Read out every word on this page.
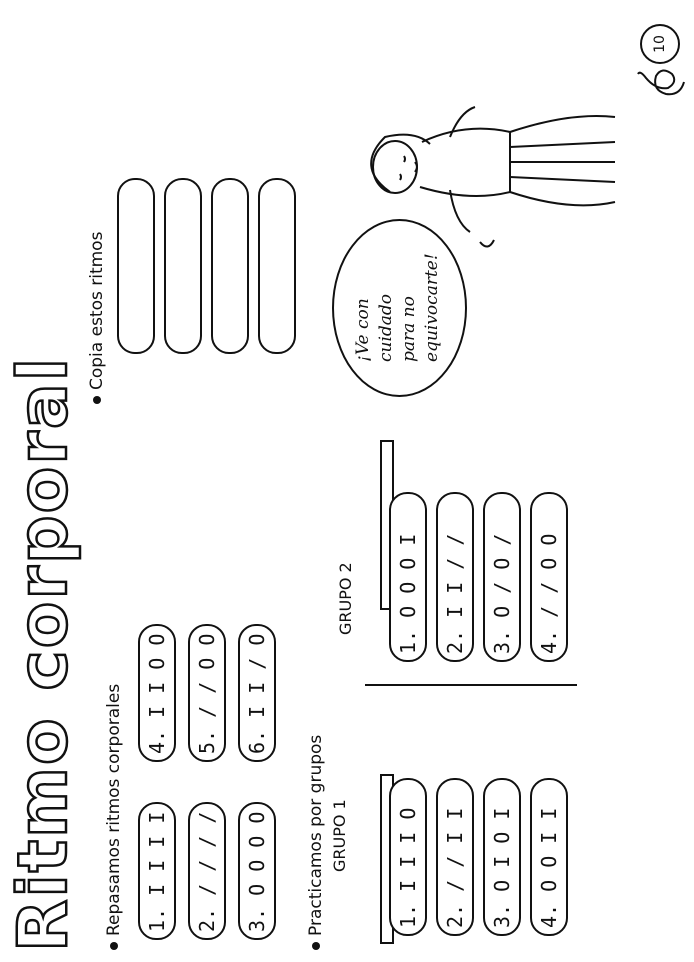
Ritmo corporal Repasamos ritmos corporales	1. I I I I	2. / / / /	3. O O O O
4. I I O O	5. / / O O	6. I I / O
Practicamos por grupos GRUPO 1
GRUPO 2
1. I I I O	2. / / I I	3. O I O I	4. O O I I
1. O O O I	2. I I / /	3. O / O /	4. / / O O
Copia estos ritmos	¡Ve con cuidado para no equivocarte!
10
